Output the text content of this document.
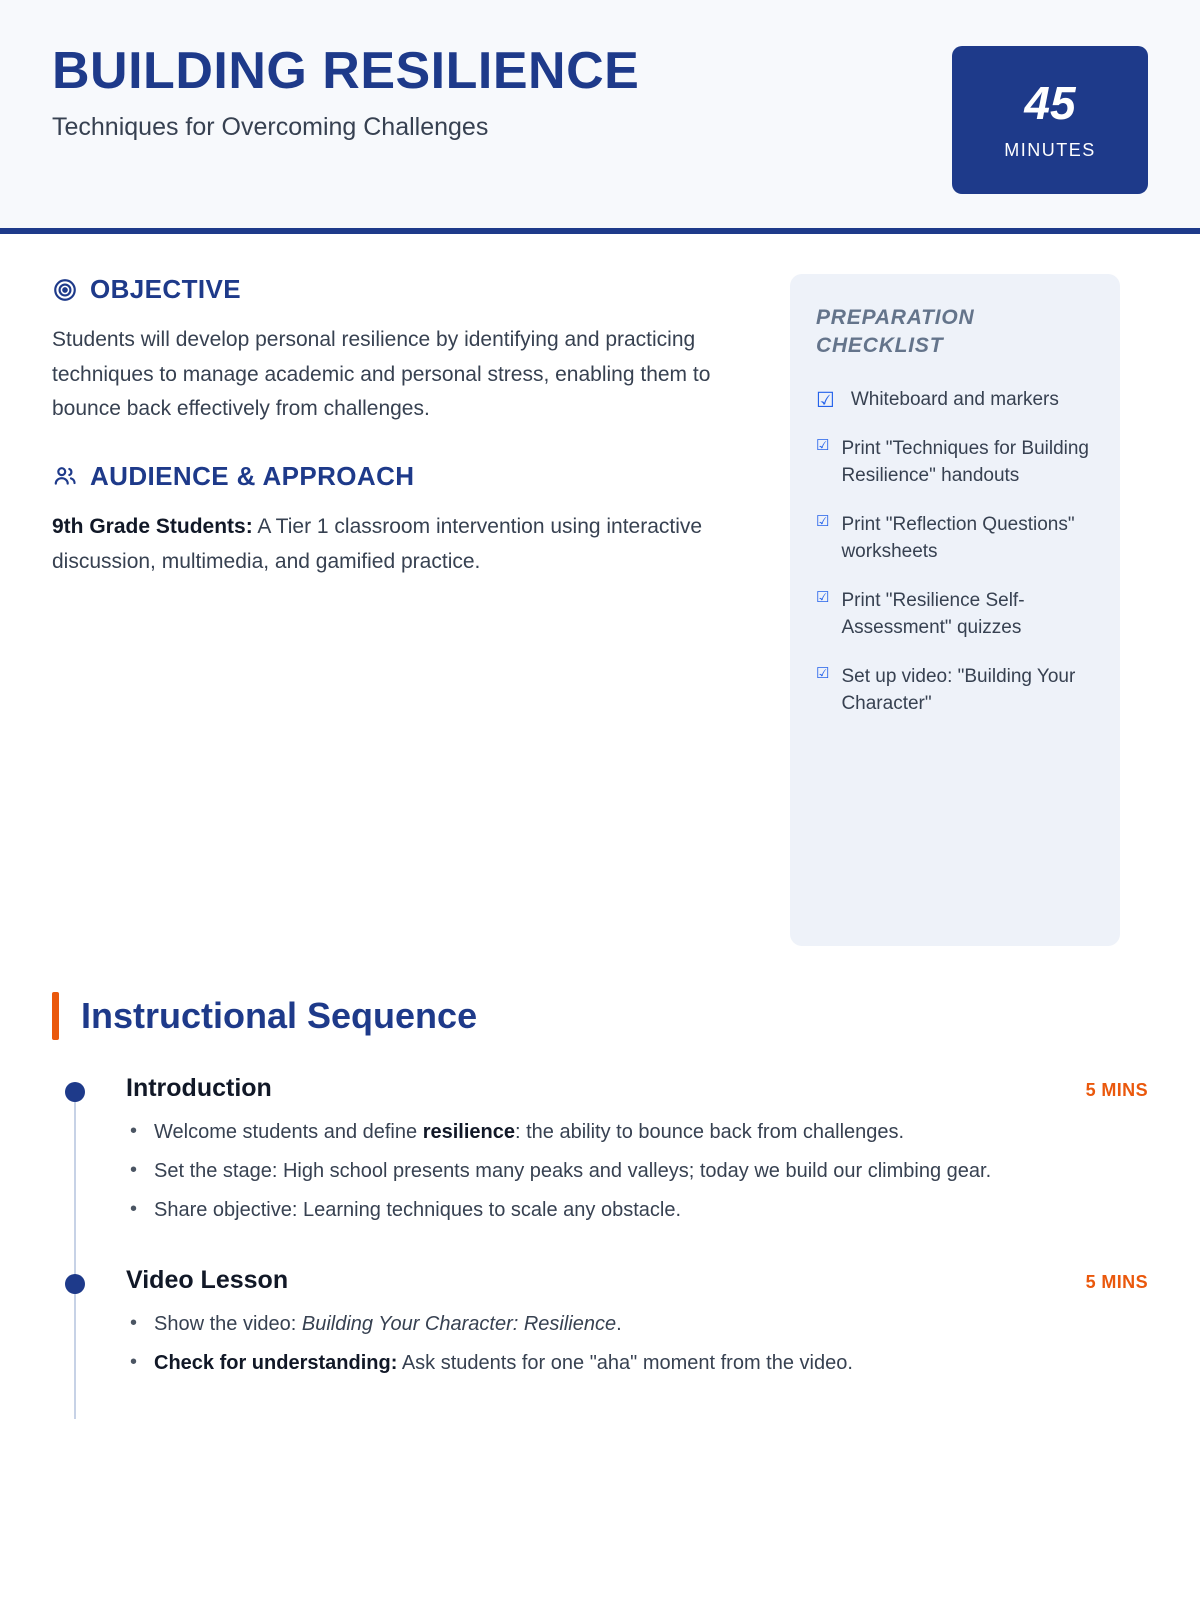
BUILDING RESILIENCE

Techniques for Overcoming Challenges	45
MINUTES
OBJECTIVE

Students will develop personal resilience by identifying and practicing techniques to manage academic and personal stress, enabling them to bounce back effectively from challenges.

AUDIENCE & APPROACH

9th Grade Students: A Tier 1 classroom intervention using interactive discussion, multimedia, and gamified practice.

PREPARATION CHECKLIST
☑ Whiteboard and markers
☑ Print "Techniques for Building Resilience" handouts
☑ Print "Reflection Questions" worksheets
☑ Print "Resilience Self-Assessment" quizzes
☑ Set up video: "Building Your Character"
Instructional Sequence
Introduction	5 MINS
• Welcome students and define resilience: the ability to bounce back from challenges.
• Set the stage: High school presents many peaks and valleys; today we build our climbing gear.
• Share objective: Learning techniques to scale any obstacle.
Video Lesson	5 MINS
• Show the video: Building Your Character: Resilience.
• Check for understanding: Ask students for one "aha" moment from the video.
